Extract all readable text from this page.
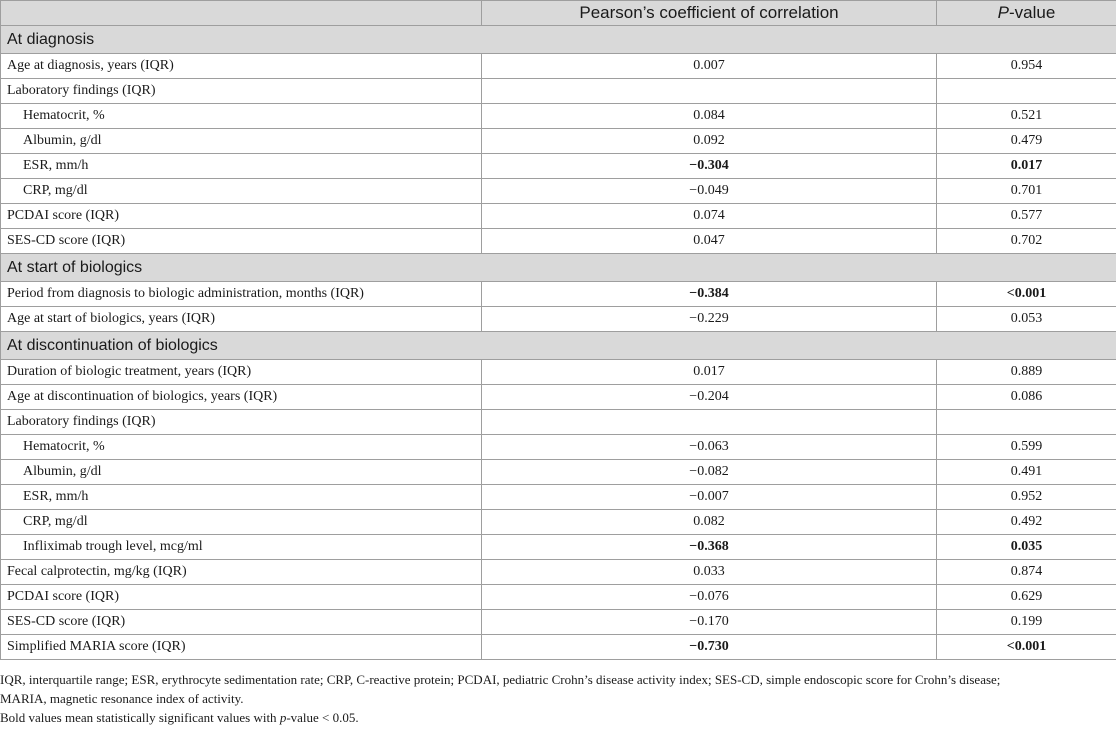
	Pearson’s coefficient of correlation	P-value
At diagnosis		
Age at diagnosis, years (IQR)	0.007	0.954
Laboratory findings (IQR)		
Hematocrit, %	0.084	0.521
Albumin, g/dl	0.092	0.479
ESR, mm/h	−0.304	0.017
CRP, mg/dl	−0.049	0.701
PCDAI score (IQR)	0.074	0.577
SES-CD score (IQR)	0.047	0.702
At start of biologics		
Period from diagnosis to biologic administration, months (IQR)	−0.384	<0.001
Age at start of biologics, years (IQR)	−0.229	0.053
At discontinuation of biologics		
Duration of biologic treatment, years (IQR)	0.017	0.889
Age at discontinuation of biologics, years (IQR)	−0.204	0.086
Laboratory findings (IQR)		
Hematocrit, %	−0.063	0.599
Albumin, g/dl	−0.082	0.491
ESR, mm/h	−0.007	0.952
CRP, mg/dl	0.082	0.492
Infliximab trough level, mcg/ml	−0.368	0.035
Fecal calprotectin, mg/kg (IQR)	0.033	0.874
PCDAI score (IQR)	−0.076	0.629
SES-CD score (IQR)	−0.170	0.199
Simplified MARIA score (IQR)	−0.730	<0.001

IQR, interquartile range; ESR, erythrocyte sedimentation rate; CRP, C-reactive protein; PCDAI, pediatric Crohn’s disease activity index; SES-CD, simple endoscopic score for Crohn’s disease;

MARIA, magnetic resonance index of activity.

Bold values mean statistically significant values with p-value < 0.05.
